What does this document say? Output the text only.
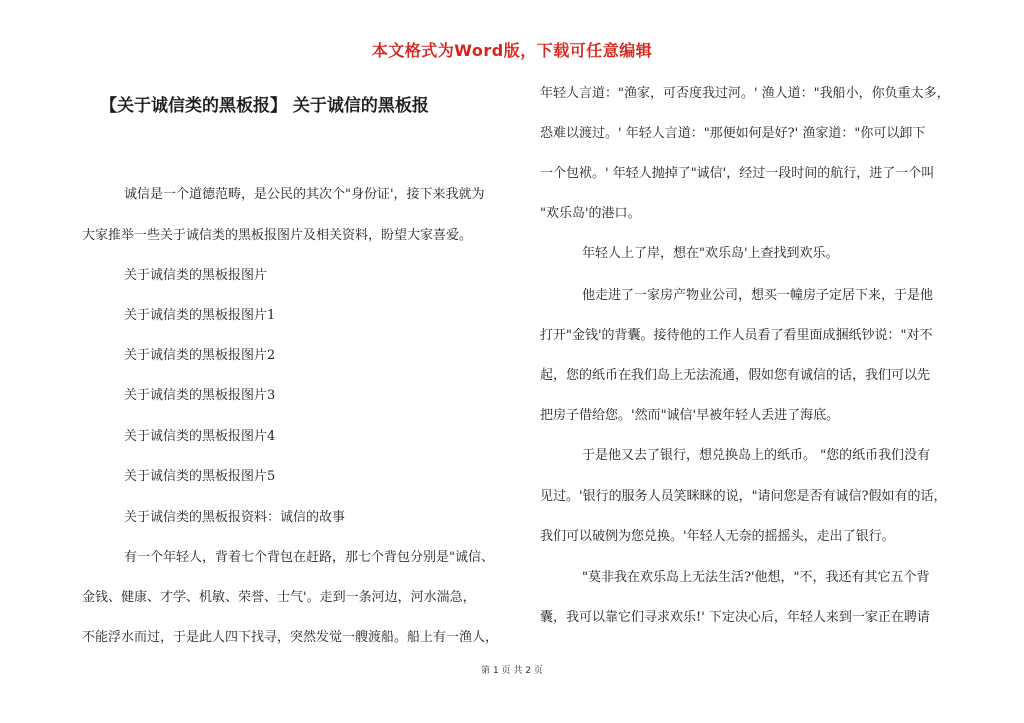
本文格式为Word版，下载可任意编辑
【关于诚信类的黑板报】 关于诚信的黑板报
诚信是一个道德范畴，是公民的其次个"身份证'，接下来我就为
大家推举一些关于诚信类的黑板报图片及相关资料，盼望大家喜爱。
关于诚信类的黑板报图片
关于诚信类的黑板报图片1
关于诚信类的黑板报图片2
关于诚信类的黑板报图片3
关于诚信类的黑板报图片4
关于诚信类的黑板报图片5
关于诚信类的黑板报资料：诚信的故事
有一个年轻人，背着七个背包在赶路，那七个背包分别是"诚信、
金钱、健康、才学、机敏、荣誉、士气'。走到一条河边，河水湍急，
不能浮水而过，于是此人四下找寻，突然发觉一艘渡船。船上有一渔人，
年轻人言道："渔家，可否度我过河。' 渔人道："我船小，你负重太多，
恐难以渡过。' 年轻人言道："那便如何是好?' 渔家道："你可以卸下
一个包袱。' 年轻人抛掉了"诚信'，经过一段时间的航行，进了一个叫
"欢乐岛'的港口。
年轻人上了岸，想在"欢乐岛'上查找到欢乐。
他走进了一家房产物业公司，想买一幢房子定居下来，于是他
打开"金钱'的背囊。接待他的工作人员看了看里面成捆纸钞说："对不
起，您的纸币在我们岛上无法流通，假如您有诚信的话，我们可以先
把房子借给您。'然而"诚信'早被年轻人丢进了海底。
于是他又去了银行，想兑换岛上的纸币。 "您的纸币我们没有
见过。'银行的服务人员笑眯眯的说，"请问您是否有诚信?假如有的话，
我们可以破例为您兑换。'年轻人无奈的摇摇头，走出了银行。
"莫非我在欢乐岛上无法生活?'他想，"不，我还有其它五个背
囊，我可以靠它们寻求欢乐!' 下定决心后，年轻人来到一家正在聘请
第 1 页 共 2 页
